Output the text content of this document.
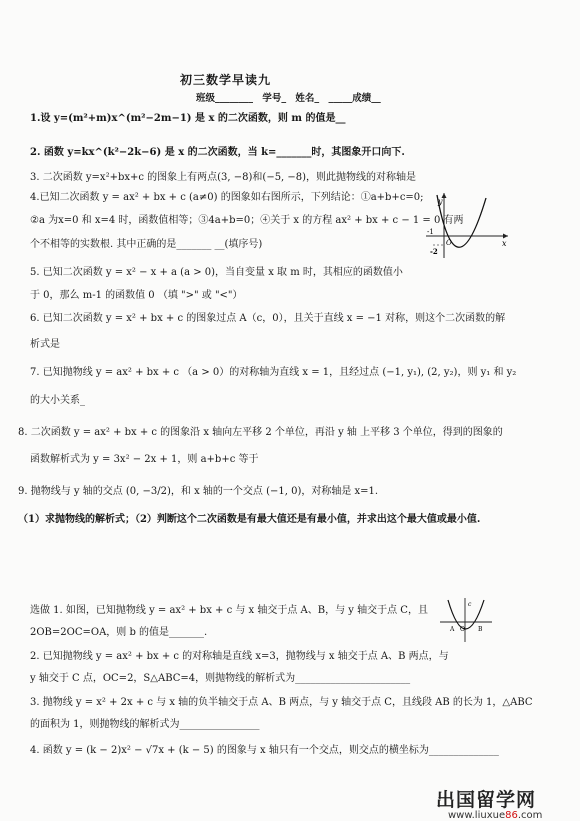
初三数学早读九
班级________ 学号_ 姓名_ _____成绩__
1.设 y=(m²+m)x^(m²−2m−1) 是 x 的二次函数，则 m 的值是__
2. 函数 y=kx^(k²−2k−6) 是 x 的二次函数，当 k=_______时，其图象开口向下.
3. 二次函数 y=x²+bx+c 的图象上有两点(3, −8)和(−5, −8)，则此抛物线的对称轴是
4.已知二次函数 y = ax² + bx + c (a≠0) 的图象如右图所示，下列结论：①a+b+c=0;
②a 为x=0 和 x=4 时，函数值相等；③4a+b=0；④关于 x 的方程 ax² + bx + c − 1 = 0 有两
个不相等的实数根. 其中正确的是_______ __(填序号)
5. 已知二次函数 y = x² − x + a (a > 0)，当自变量 x 取 m 时，其相应的函数值小
于 0，那么 m-1 的函数值 0 （填 ">" 或 "<"）
6. 已知二次函数 y = x² + bx + c 的图象过点 A（c，0），且关于直线 x = −1 对称，则这个二次函数的解
析式是
7. 已知抛物线 y = ax² + bx + c （a > 0）的对称轴为直线 x = 1，且经过点 (−1, y₁), (2, y₂)，则 y₁ 和 y₂
的大小关系_
8. 二次函数 y = ax² + bx + c 的图象沿 x 轴向左平移 2 个单位，再沿 y 轴 上平移 3 个单位，得到的图象的
函数解析式为 y = 3x² − 2x + 1，则 a+b+c 等于
9. 抛物线与 y 轴的交点 (0, −3/2)，和 x 轴的一个交点 (−1, 0)，对称轴是 x=1.
（1）求抛物线的解析式；（2）判断这个二次函数是有最大值还是有最小值，并求出这个最大值或最小值.
选做 1. 如图，已知抛物线 y = ax² + bx + c 与 x 轴交于点 A、B，与 y 轴交于点 C，且
2OB=2OC=OA，则 b 的值是_______.
2. 已知抛物线 y = ax² + bx + c 的对称轴是直线 x=3，抛物线与 x 轴交于点 A、B 两点，与
y 轴交于 C 点，OC=2，S△ABC=4，则抛物线的解析式为_______________________
3. 抛物线 y = x² + 2x + c 与 x 轴的负半轴交于点 A、B 两点，与 y 轴交于点 C，且线段 AB 的长为 1，△ABC
的面积为 1，则抛物线的解析式为________________
4. 函数 y = (k − 2)x² − √7x + (k − 5) 的图象与 x 轴只有一个交点，则交点的横坐标为______________
y
x
O
-1
-2
c
A O B
出国留学网
www.liuxue86.com
